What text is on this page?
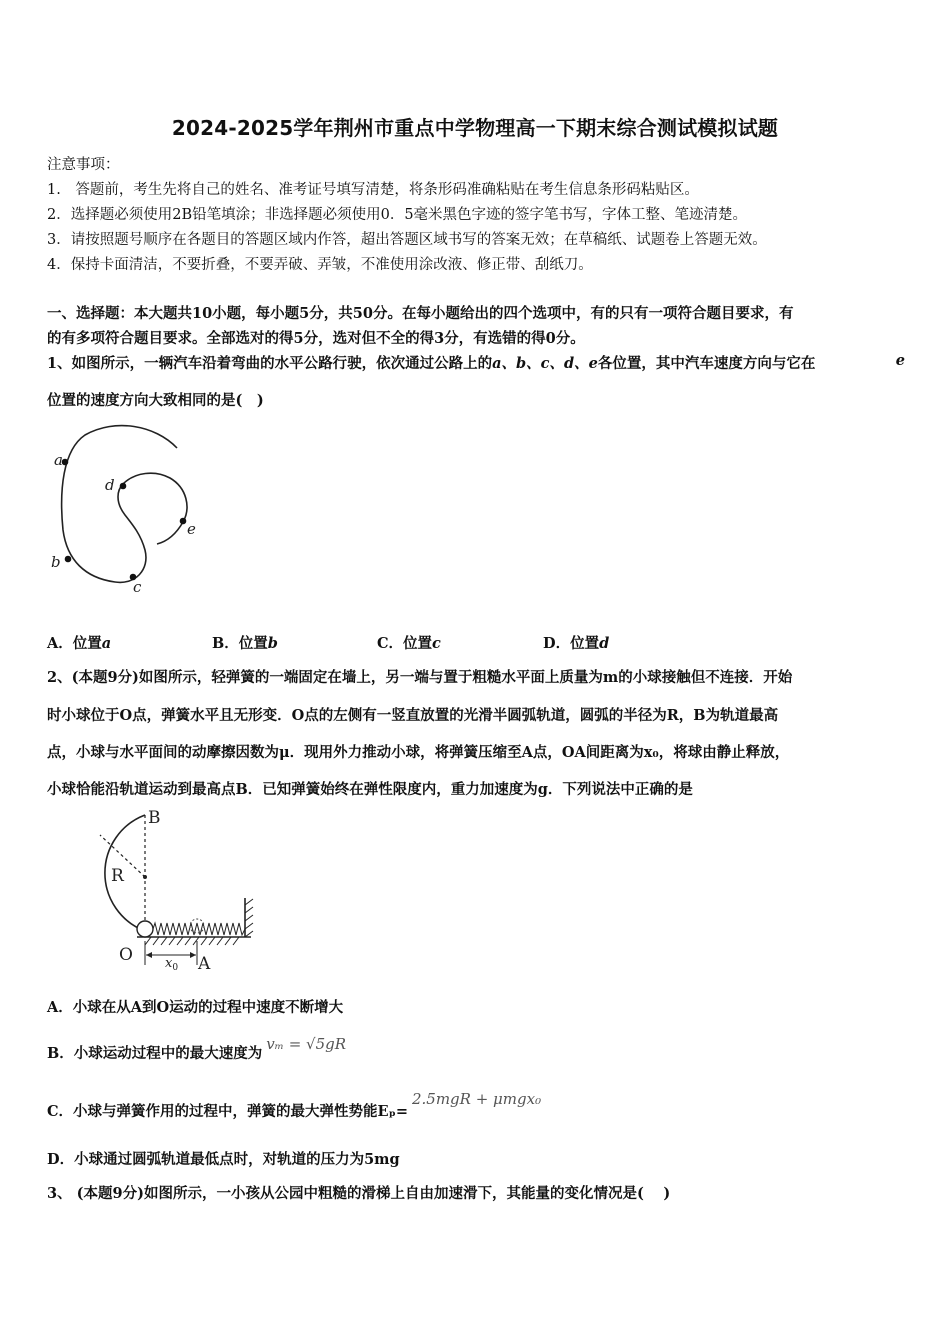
2024-2025学年荆州市重点中学物理高一下期末综合测试模拟试题
注意事项：
1.　答题前，考生先将自己的姓名、准考证号填写清楚，将条形码准确粘贴在考生信息条形码粘贴区。
2．选择题必须使用2B铅笔填涂；非选择题必须使用0．5毫米黑色字迹的签字笔书写，字体工整、笔迹清楚。
3．请按照题号顺序在各题目的答题区域内作答，超出答题区域书写的答案无效；在草稿纸、试题卷上答题无效。
4．保持卡面清洁，不要折叠，不要弄破、弄皱，不准使用涂改液、修正带、刮纸刀。
一、选择题：本大题共10小题，每小题5分，共50分。在每小题给出的四个选项中，有的只有一项符合题目要求，有
的有多项符合题目要求。全部选对的得5分，选对但不全的得3分，有选错的得0分。
1、如图所示，一辆汽车沿着弯曲的水平公路行驶，依次通过公路上的a、b、c、d、e各位置，其中汽车速度方向与它在	e
位置的速度方向大致相同的是(　)
a
b
c
d
e
A．位置a	B．位置b	C．位置c	D．位置d
2、(本题9分)如图所示，轻弹簧的一端固定在墙上，另一端与置于粗糙水平面上质量为m的小球接触但不连接．开始
时小球位于O点，弹簧水平且无形变．O点的左侧有一竖直放置的光滑半圆弧轨道，圆弧的半径为R，B为轨道最高
点，小球与水平面间的动摩擦因数为μ．现用外力推动小球，将弹簧压缩至A点，OA间距离为x₀，将球由静止释放，
小球恰能沿轨道运动到最高点B．已知弹簧始终在弹性限度内，重力加速度为g．下列说法中正确的是
B
R
O	A
$x_0$
A．小球在从A到O运动的过程中速度不断增大
B．小球运动过程中的最大速度为vₘ = √5gR
C．小球与弹簧作用的过程中，弹簧的最大弹性势能Eₚ=2.5mgR + μmgx₀
D．小球通过圆弧轨道最低点时，对轨道的压力为5mg
3、 (本题9分)如图所示，一小孩从公园中粗糙的滑梯上自由加速滑下，其能量的变化情况是(　 )
